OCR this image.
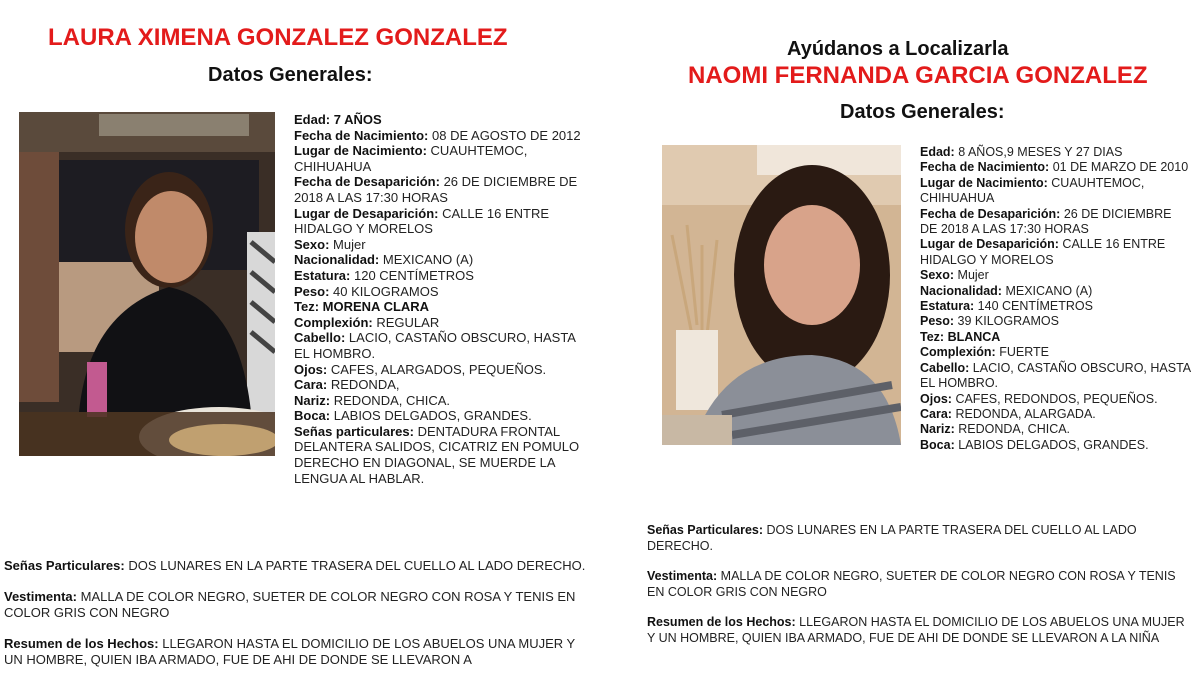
LAURA XIMENA GONZALEZ GONZALEZ
Datos Generales:
Edad: 7 AÑOS
Fecha de Nacimiento: 08 DE AGOSTO DE 2012
Lugar de Nacimiento: CUAUHTEMOC, CHIHUAHUA
Fecha de Desaparición: 26 DE DICIEMBRE DE 2018 A LAS 17:30 HORAS
Lugar de Desaparición: CALLE 16 ENTRE HIDALGO Y MORELOS
Sexo: Mujer
Nacionalidad: MEXICANO (A)
Estatura: 120 CENTÍMETROS
Peso: 40 KILOGRAMOS
Tez: MORENA CLARA
Complexión: REGULAR
Cabello: LACIO, CASTAÑO OBSCURO, HASTA EL HOMBRO.
Ojos: CAFES, ALARGADOS, PEQUEÑOS.
Cara: REDONDA,
Nariz: REDONDA, CHICA.
Boca: LABIOS DELGADOS, GRANDES.
Señas particulares: DENTADURA FRONTAL DELANTERA SALIDOS, CICATRIZ EN POMULO DERECHO EN DIAGONAL, SE MUERDE LA LENGUA AL HABLAR.
Señas Particulares: DOS LUNARES EN LA PARTE TRASERA DEL CUELLO AL LADO DERECHO.
Vestimenta: MALLA DE COLOR NEGRO, SUETER DE COLOR NEGRO CON ROSA Y TENIS EN COLOR GRIS CON NEGRO
Resumen de los Hechos: LLEGARON HASTA EL DOMICILIO DE LOS ABUELOS UNA MUJER Y UN HOMBRE, QUIEN IBA ARMADO, FUE DE AHI DE DONDE SE LLEVARON A
Ayúdanos a Localizarla
NAOMI FERNANDA GARCIA GONZALEZ
Datos Generales:
Edad: 8 AÑOS,9 MESES Y 27 DIAS
Fecha de Nacimiento: 01 DE MARZO DE 2010
Lugar de Nacimiento: CUAUHTEMOC, CHIHUAHUA
Fecha de Desaparición: 26 DE DICIEMBRE DE 2018 A LAS 17:30 HORAS
Lugar de Desaparición: CALLE 16 ENTRE HIDALGO Y MORELOS
Sexo: Mujer
Nacionalidad: MEXICANO (A)
Estatura: 140 CENTÍMETROS
Peso: 39 KILOGRAMOS
Tez: BLANCA
Complexión: FUERTE
Cabello: LACIO, CASTAÑO OBSCURO, HASTA EL HOMBRO.
Ojos: CAFES, REDONDOS, PEQUEÑOS.
Cara: REDONDA, ALARGADA.
Nariz: REDONDA, CHICA.
Boca: LABIOS DELGADOS, GRANDES.
Señas Particulares: DOS LUNARES EN LA PARTE TRASERA DEL CUELLO AL LADO DERECHO.
Vestimenta: MALLA DE COLOR NEGRO, SUETER DE COLOR NEGRO CON ROSA Y TENIS EN COLOR GRIS CON NEGRO
Resumen de los Hechos: LLEGARON HASTA EL DOMICILIO DE LOS ABUELOS UNA MUJER Y UN HOMBRE, QUIEN IBA ARMADO, FUE DE AHI DE DONDE SE LLEVARON A LA NIÑA
